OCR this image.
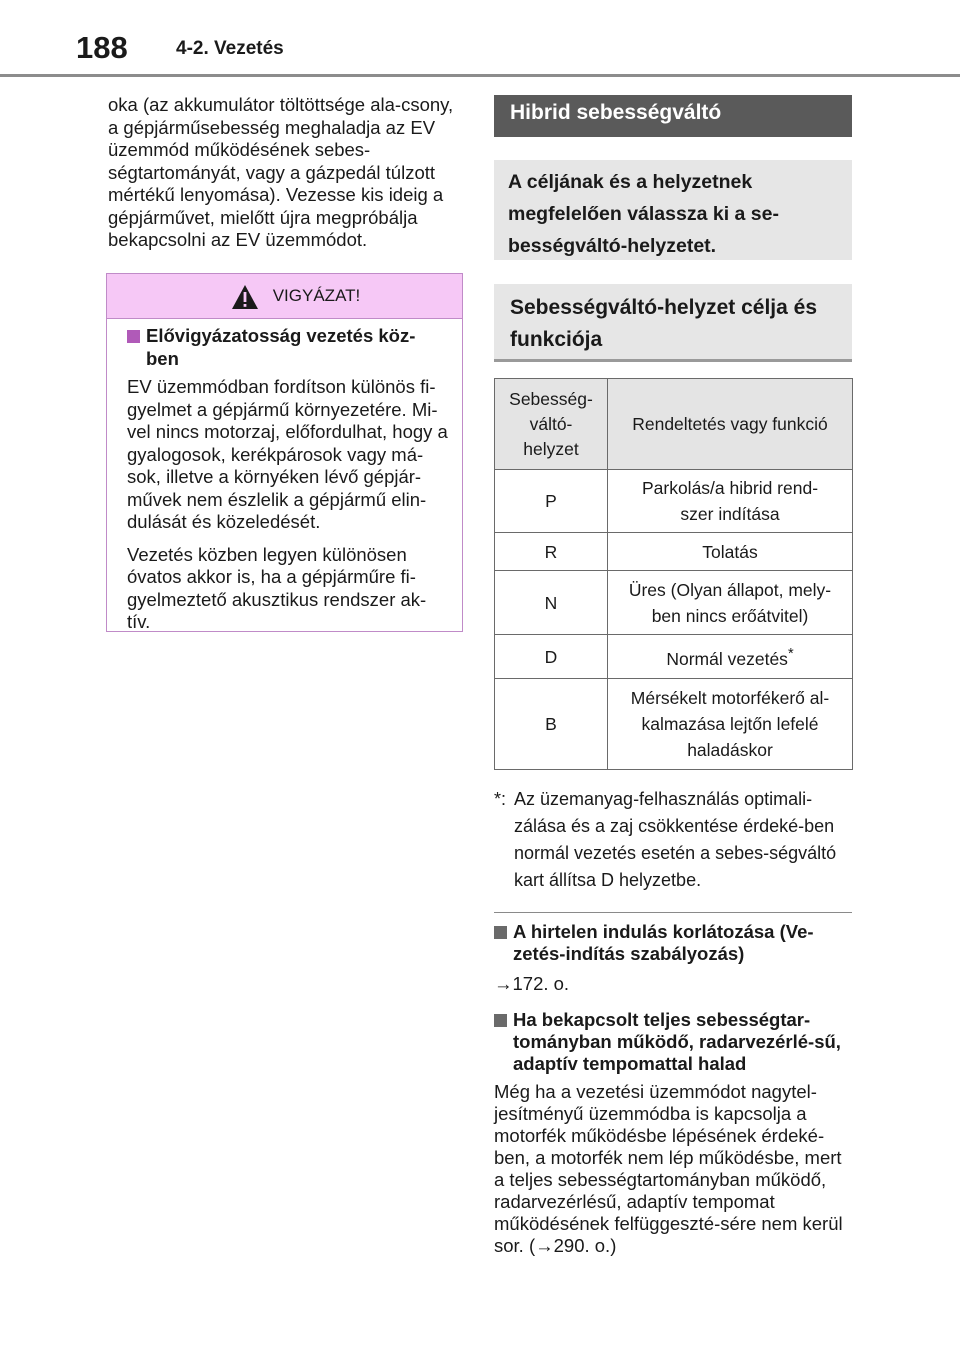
188	4-2. Vezetés

oka (az akkumulátor töltöttsége ala-csony, a gépjárműsebesség meghaladja az EV üzemmód működésének sebes-ségtartományát, vagy a gázpedál túlzott mértékű lenyomása). Vezesse kis ideig a gépjárművet, mielőtt újra megpróbálja bekapcsolni az EV üzemmódot.

VIGYÁZAT!
Elővigyázatosság vezetés köz-ben

EV üzemmódban fordítson különös fi-gyelmet a gépjármű környezetére. Mi-vel nincs motorzaj, előfordulhat, hogy a gyalogosok, kerékpárosok vagy má-sok, illetve a környéken lévő gépjár-művek nem észlelik a gépjármű elin-dulását és közeledését.

Vezetés közben legyen különösen óvatos akkor is, ha a gépjárműre fi-gyelmeztető akusztikus rendszer ak-tív.

Hibrid sebességváltó
A céljának és a helyzetnek megfelelően válassza ki a se-bességváltó-helyzetet.
Sebességváltó-helyzet célja és funkciója
Sebesség-
váltó-
helyzet	Rendeltetés vagy funkció
P	Parkolás/a hibrid rend-
szer indítása
R	Tolatás
N	Üres (Olyan állapot, mely-
ben nincs erőátvitel)
D	Normál vezetés*
B	Mérsékelt motorfékerő al-
kalmazása lejtőn lefelé
haladáskor
*: Az üzemanyag-felhasználás optimali-zálása és a zaj csökkentése érdeké-ben normál vezetés esetén a sebes-ségváltó kart állítsa D helyzetbe.
A hirtelen indulás korlátozása (Ve-zetés-indítás szabályozás)

→172. o.

Ha bekapcsolt teljes sebességtar-tományban működő, radarvezérlé-sű, adaptív tempomattal halad

Még ha a vezetési üzemmódot nagytel-jesítményű üzemmódba is kapcsolja a motorfék működésbe lépésének érdeké-ben, a motorfék nem lép működésbe, mert a teljes sebességtartományban működő, radarvezérlésű, adaptív tempomat működésének felfüggeszté-sére nem kerül sor. (→290. o.)
